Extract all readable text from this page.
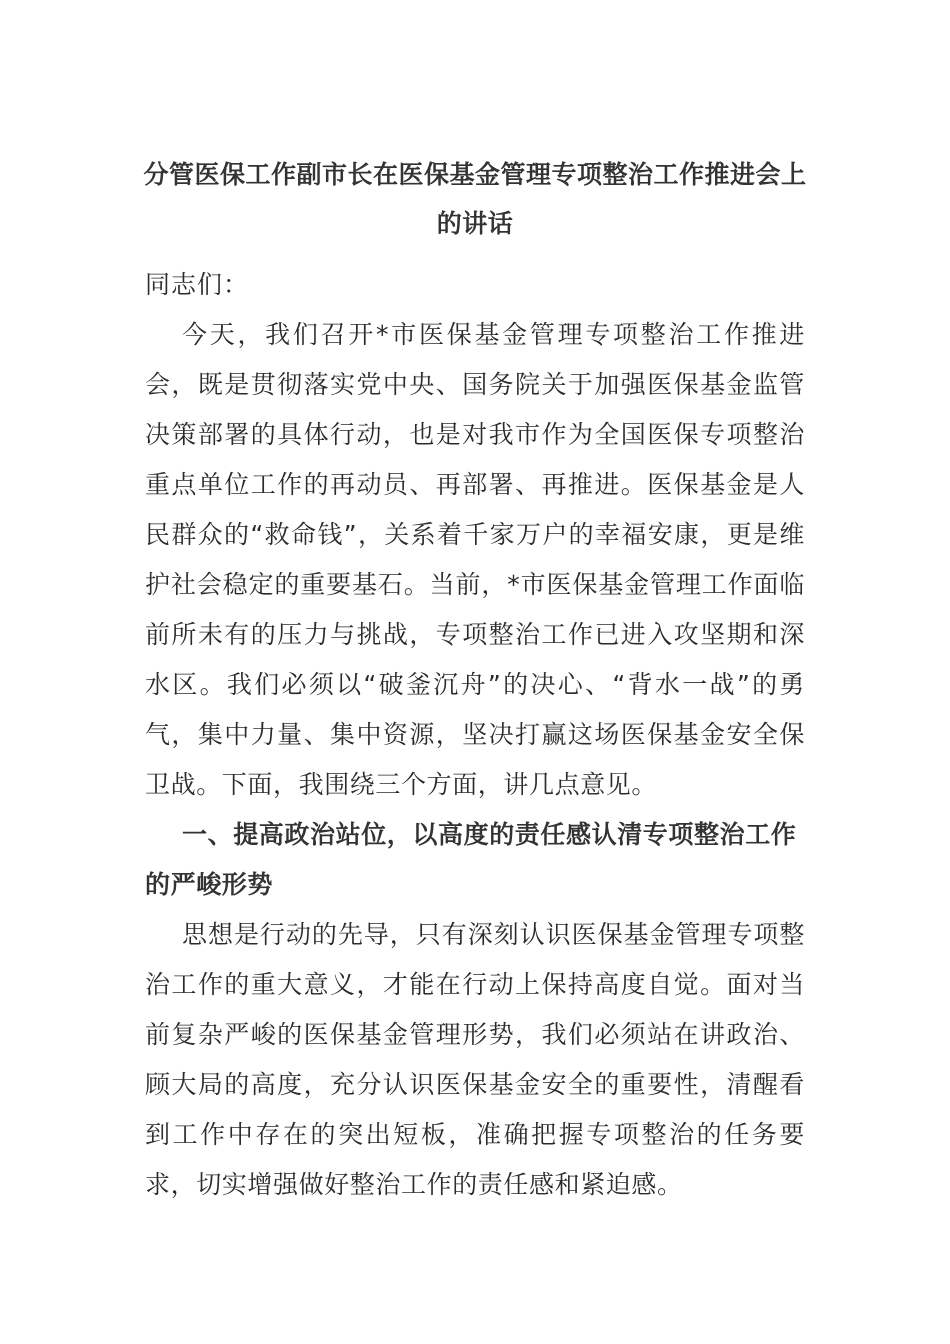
分管医保工作副市长在医保基金管理专项整治工作推进会上的讲话
同志们：

今天，我们召开*市医保基金管理专项整治工作推进会，既是贯彻落实党中央、国务院关于加强医保基金监管决策部署的具体行动，也是对我市作为全国医保专项整治重点单位工作的再动员、再部署、再推进。医保基金是人民群众的“救命钱”，关系着千家万户的幸福安康，更是维护社会稳定的重要基石。当前，*市医保基金管理工作面临前所未有的压力与挑战，专项整治工作已进入攻坚期和深水区。我们必须以“破釜沉舟”的决心、“背水一战”的勇气，集中力量、集中资源，坚决打赢这场医保基金安全保卫战。下面，我围绕三个方面，讲几点意见。

一、提高政治站位，以高度的责任感认清专项整治工作的严峻形势

思想是行动的先导，只有深刻认识医保基金管理专项整治工作的重大意义，才能在行动上保持高度自觉。面对当前复杂严峻的医保基金管理形势，我们必须站在讲政治、顾大局的高度，充分认识医保基金安全的重要性，清醒看到工作中存在的突出短板，准确把握专项整治的任务要求，切实增强做好整治工作的责任感和紧迫感。
